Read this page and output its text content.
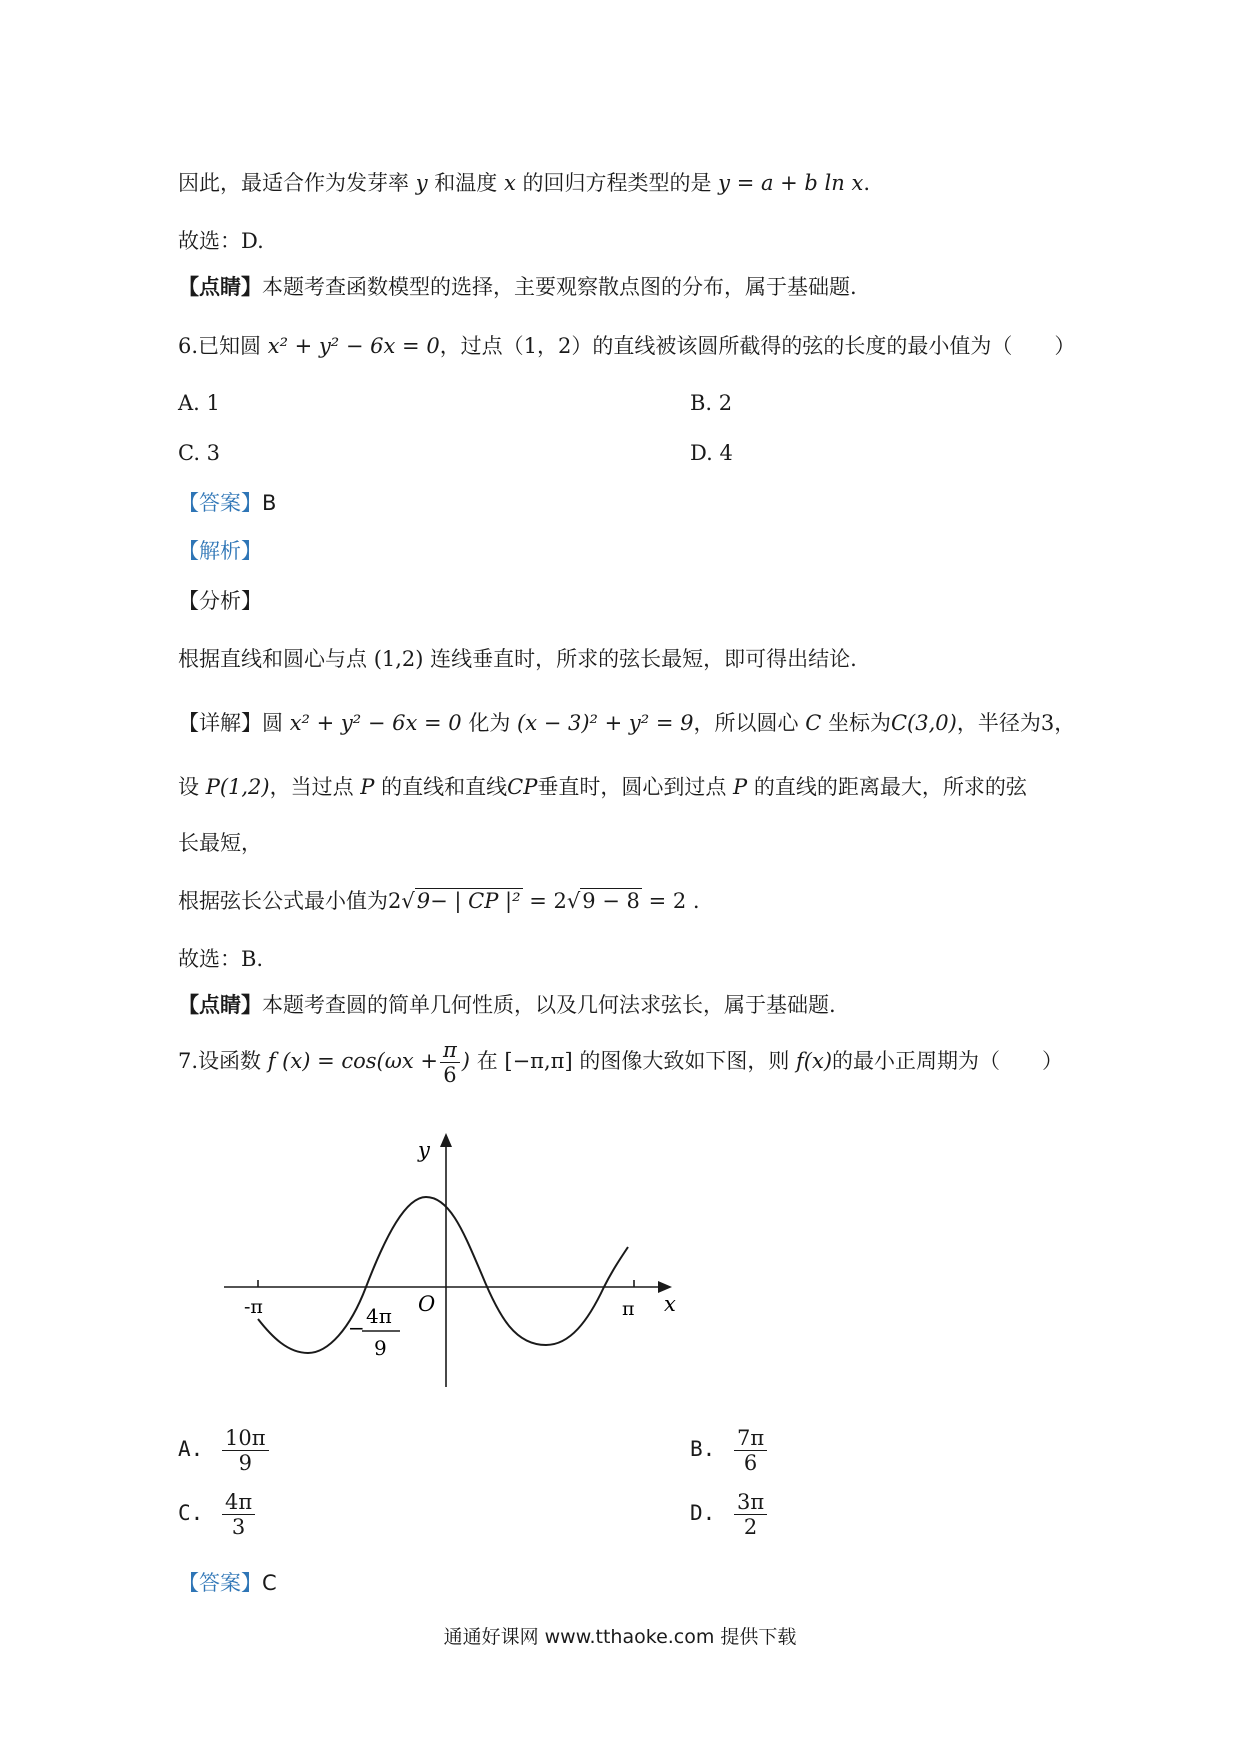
因此，最适合作为发芽率 y 和温度 x 的回归方程类型的是 y = a + b ln x.
故选：D.
【点睛】本题考查函数模型的选择，主要观察散点图的分布，属于基础题.
6.已知圆 x² + y² − 6x = 0，过点（1，2）的直线被该圆所截得的弦的长度的最小值为（　　）
A. 1	B. 2
C. 3	D. 4
【答案】B
【解析】
【分析】
根据直线和圆心与点 (1,2) 连线垂直时，所求的弦长最短，即可得出结论.
【详解】圆 x² + y² − 6x = 0 化为 (x − 3)² + y² = 9，所以圆心 C 坐标为C(3,0)，半径为3，
设 P(1,2)，当过点 P 的直线和直线CP垂直时，圆心到过点 P 的直线的距离最大，所求的弦
长最短，
根据弦长公式最小值为2√9− | CP |² = 2√9 − 8 = 2 .
故选：B.
【点睛】本题考查圆的简单几何性质，以及几何法求弦长，属于基础题.
7.设函数 f $(x) = \cos(\omega x + \frac{\pi}{6}$ ) 在 [−π,π] 的图像大致如下图，则 f(x)的最小正周期为（　　）
y
x
O
-π	π
− 4π
9
A. $\frac{10\pi}{9}$	B. $\frac{7\pi}{6}$
C. $\frac{4\pi}{3}$	D. $\frac{3\pi}{2}$
【答案】C
通通好课网 www.tthaoke.com 提供下载
